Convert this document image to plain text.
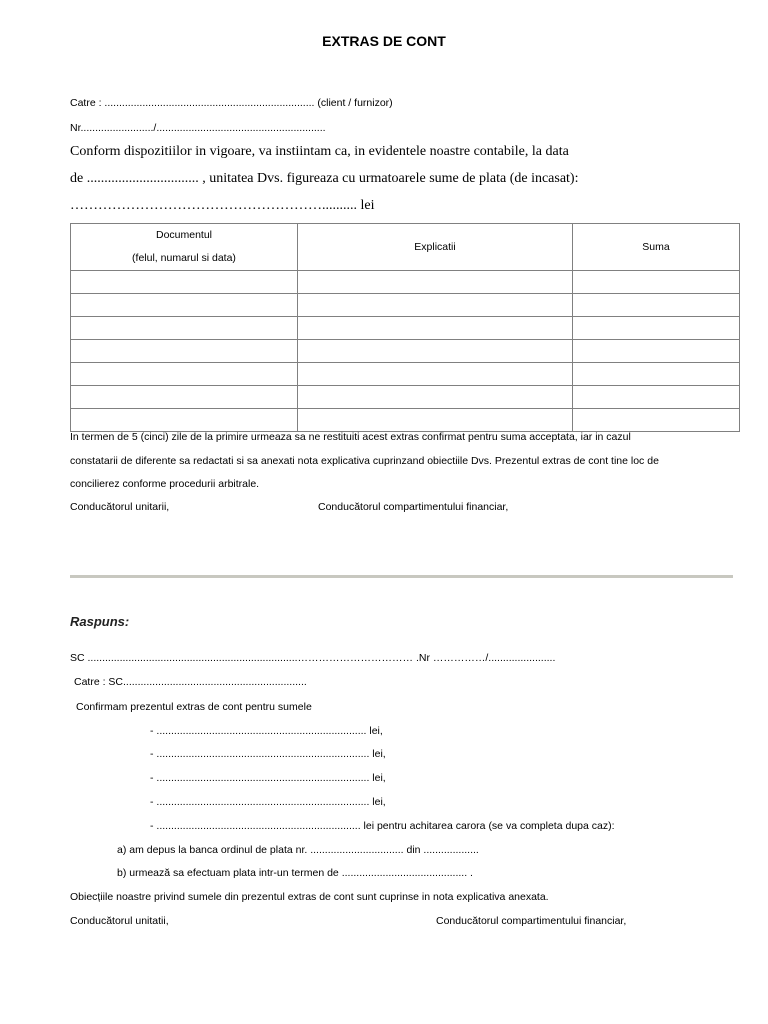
EXTRAS DE CONT
Catre : ........................................................................ (client / furnizor)
Nr........................./..........................................................
Conform dispozitiilor in vigoare, va instiintam ca, in evidentele noastre contabile, la data
de ................................ , unitatea Dvs. figureaza cu urmatoarele sume de plata (de incasat):
……………………………………………….......... lei
Documentul
(felul, numarul si data)	Explicatii	Suma

In termen de 5 (cinci) zile de la primire urmeaza sa ne restituiti acest extras confirmat pentru suma acceptata, iar in cazul
constatarii de diferente sa redactati si sa anexati nota explicativa cuprinzand obiectiile Dvs. Prezentul extras de cont tine loc de
concilierez conforme procedurii arbitrale.
Conducătorul unitarii,	Conducătorul compartimentului financiar,
Raspuns:
SC ........................................................................…………………………… .Nr ……………/.......................
Catre : SC...............................................................
Confirmam prezentul extras de cont pentru sumele
- ........................................................................ lei,
- ......................................................................... lei,
- ......................................................................... lei,
- ......................................................................... lei,
- ...................................................................... lei pentru achitarea carora (se va completa dupa caz):
a) am depus la banca ordinul de plata nr. ................................ din ...................
b) urmează sa efectuam plata intr-un termen de ........................................... .
Obiecțiile noastre privind sumele din prezentul extras de cont sunt cuprinse in nota explicativa anexata.
Conducătorul unitatii,	Conducătorul compartimentului financiar,
